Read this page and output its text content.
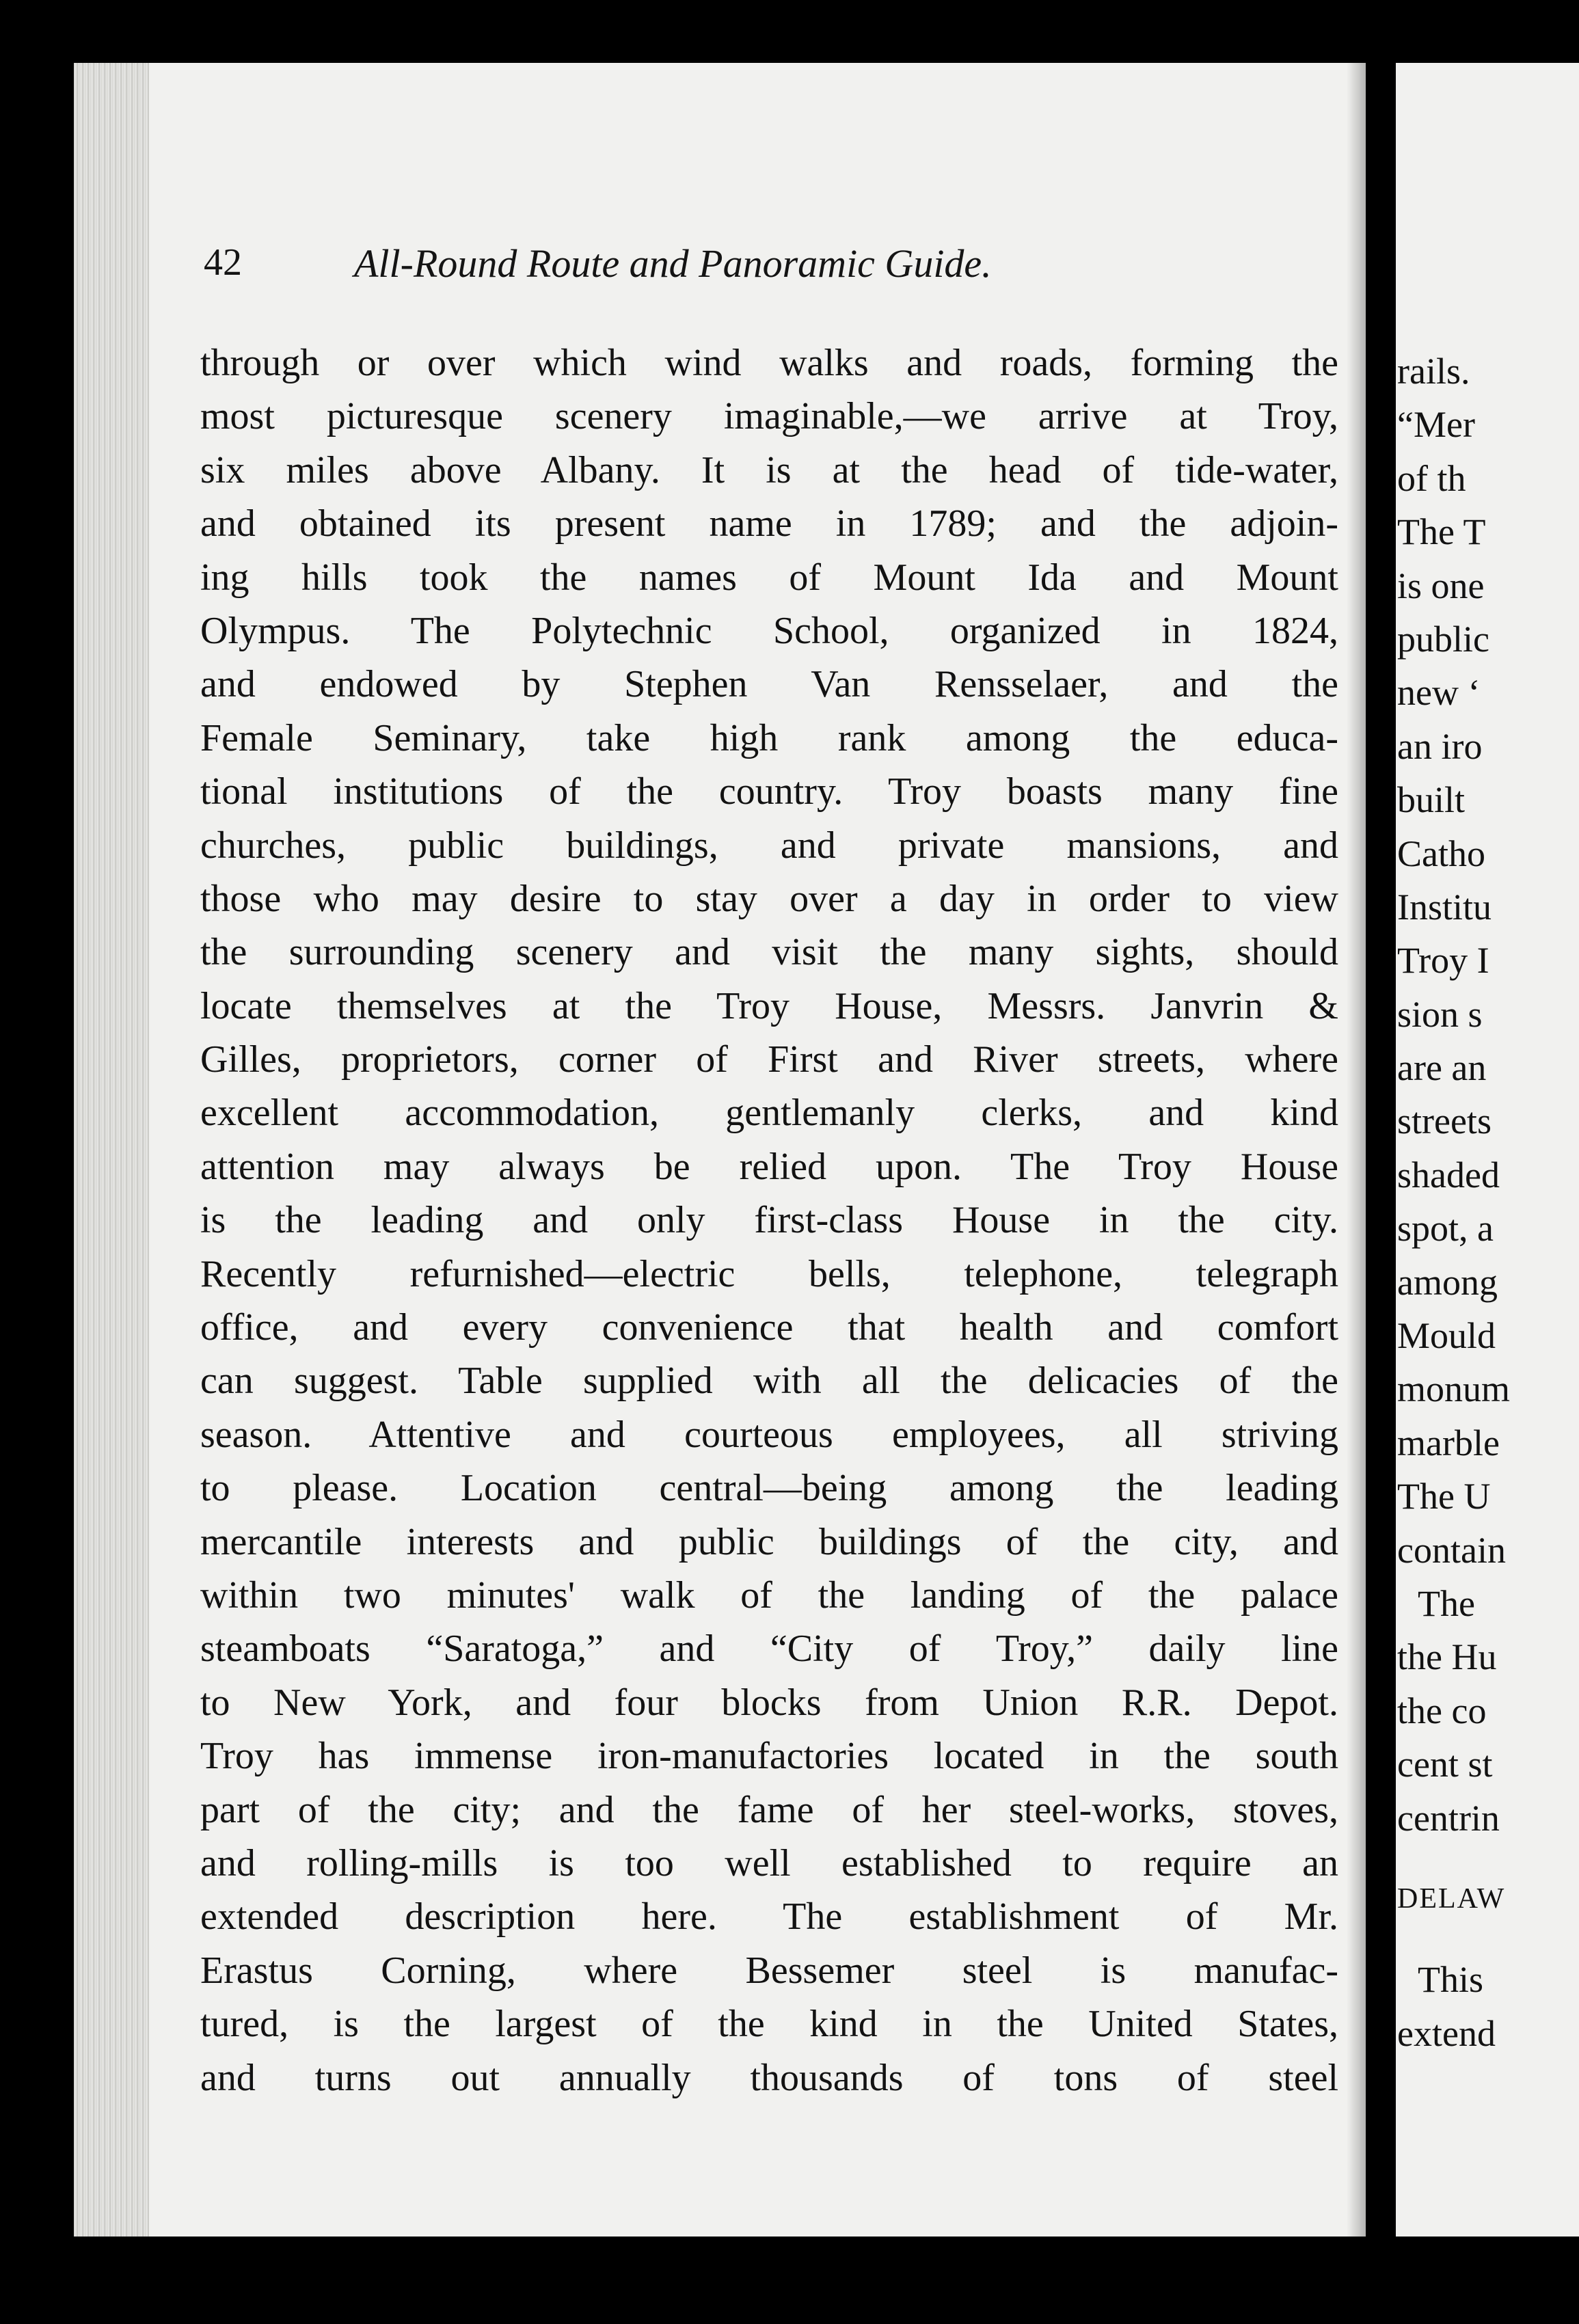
42	All-Round Route and Panoramic Guide.
through or over which wind walks and roads, forming the
most picturesque scenery imaginable,—we arrive at Troy,
six miles above Albany. It is at the head of tide-water,
and obtained its present name in 1789; and the adjoin-
ing hills took the names of Mount Ida and Mount
Olympus. The Polytechnic School, organized in 1824,
and endowed by Stephen Van Rensselaer, and the
Female Seminary, take high rank among the educa-
tional institutions of the country. Troy boasts many fine
churches, public buildings, and private mansions, and
those who may desire to stay over a day in order to view
the surrounding scenery and visit the many sights, should
locate themselves at the Troy House, Messrs. Janvrin &
Gilles, proprietors, corner of First and River streets, where
excellent accommodation, gentlemanly clerks, and kind
attention may always be relied upon. The Troy House
is the leading and only first-class House in the city.
Recently refurnished—electric bells, telephone, telegraph
office, and every convenience that health and comfort
can suggest. Table supplied with all the delicacies of the
season. Attentive and courteous employees, all striving
to please. Location central—being among the leading
mercantile interests and public buildings of the city, and
within two minutes' walk of the landing of the palace
steamboats “Saratoga,” and “City of Troy,” daily line
to New York, and four blocks from Union R.R. Depot.
Troy has immense iron-manufactories located in the south
part of the city; and the fame of her steel-works, stoves,
and rolling-mills is too well established to require an
extended description here. The establishment of Mr.
Erastus Corning, where Bessemer steel is manufac-
tured, is the largest of the kind in the United States,
and turns out annually thousands of tons of steel
rails.
“Mer
of th
The T
is one
public
new ‘
an iro
built
Catho
Institu
Troy I
sion s
are an
streets
shaded
spot, a
among
Mould
monum
marble
The U
contain
The
the Hu
the co
cent st
centrin
DELAW
This
extend
